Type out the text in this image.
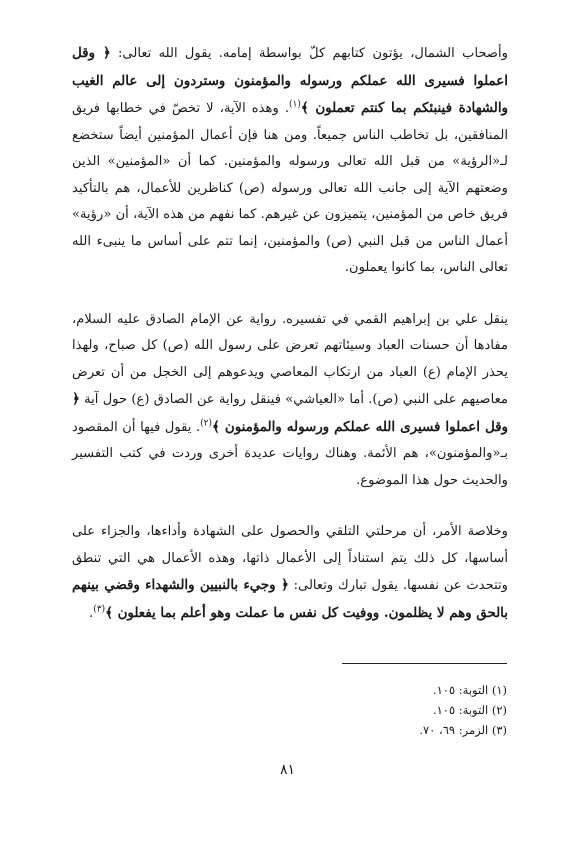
وأصحاب الشمال، يؤتون كتابهم كلّ بواسطة إمامه. يقول الله تعالى: ﴿ وقل اعملوا فسيرى الله عملكم ورسوله والمؤمنون وستردون إلى عالم الغيب والشهادة فينبئكم بما كنتم تعملون ﴾$^{(١)}$. وهذه الآية، لا تخصّ في خطابها فريق المنافقين، بل تخاطب الناس جميعاً. ومن هنا فإن أعمال المؤمنين أيضاً ستخضع لـ«الرؤية» من قبل الله تعالى ورسوله والمؤمنين. كما أن «المؤمنين» الذين وضعتهم الآية إلى جانب الله تعالى ورسوله (ص) كناظرين للأعمال، هم بالتأكيد فريق خاص من المؤمنين، يتميزون عن غيرهم. كما نفهم من هذه الآية، أن «رؤية» أعمال الناس من قبل النبي (ص) والمؤمنين، إنما تتم على أساس ما ينبىء الله تعالى الناس، بما كانوا يعملون.

ينقل علي بن إبراهيم القمي في تفسيره. رواية عن الإمام الصادق عليه السلام، مفادها أن حسنات العباد وسيئاتهم تعرض على رسول الله (ص) كل صباح، ولهذا يحذر الإمام (ع) العباد من ارتكاب المعاصي ويدعوهم إلى الخجل من أن تعرض معاصيهم على النبي (ص). أما «العياشي» فينقل رواية عن الصادق (ع) حول آية ﴿ وقل اعملوا فسيرى الله عملكم ورسوله والمؤمنون ﴾$^{(٢)}$. يقول فيها أن المقصود بـ«والمؤمنون»، هم الأئمة. وهناك روايات عديدة أخرى وردت في كتب التفسير والحديث حول هذا الموضوع.

وخلاصة الأمر، أن مرحلتي التلقي والحصول على الشهادة وأداءها، والجزاء على أساسها، كل ذلك يتم استناداً إلى الأعمال ذاتها، وهذه الأعمال هي التي تنطق وتتحدث عن نفسها. يقول تبارك وتعالى: ﴿ وجيء بالنبيين والشهداء وقضي بينهم بالحق وهم لا يظلمون. ووفيت كل نفس ما عملت وهو أعلم بما يفعلون ﴾$^{(٣)}$.

(١) التوبة: ١٠٥.
(٢) التوبة: ١٠٥.
(٣) الزمر: ٦٩، ٧٠.
٨١
